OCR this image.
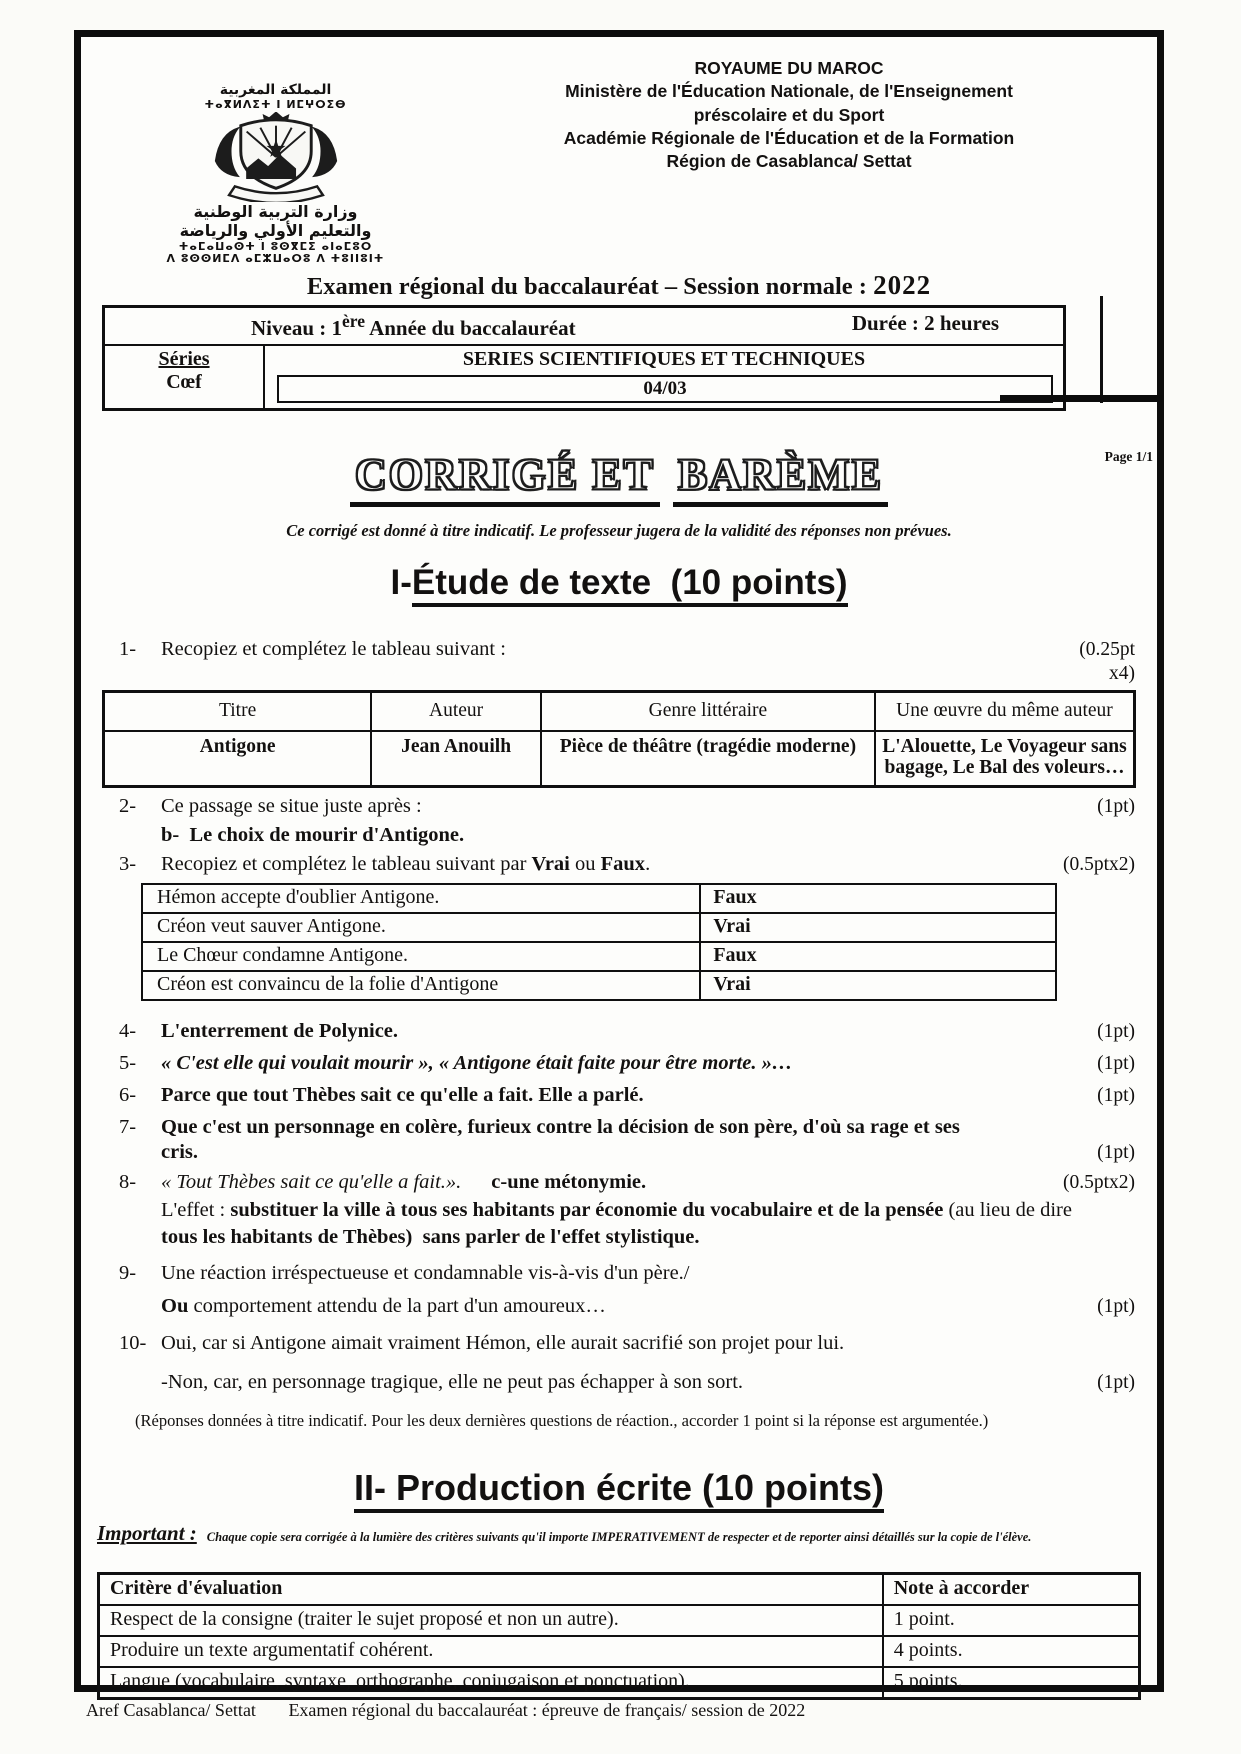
المملكة المغربية
ⵜⴰⴳⵍⴷⵉⵜ ⵏ ⵍⵎⵖⵔⵉⴱ
وزارة التربية الوطنية
والتعليم الأولي والرياضة
ⵜⴰⵎⴰⵡⴰⵙⵜ ⵏ ⵓⵙⴳⵎⵉ ⴰⵏⴰⵎⵓⵔ
ⴷ ⵓⵙⵙⵍⵎⴷ ⴰⵎⵣⵡⴰⵔⵓ ⴷ ⵜⵓⵏⵏⵓⵏⵜ
ROYAUME DU MAROC
Ministère de l'Éducation Nationale, de l'Enseignement
préscolaire et du Sport
Académie Régionale de l'Éducation et de la Formation
Région de Casablanca/ Settat
Examen régional du baccalauréat – Session normale : 2022
Niveau : 1ère Année du baccalauréat	Durée : 2 heures
Séries
Cœf
SERIES SCIENTIFIQUES ET TECHNIQUES
04/03
CORRIGÉ ET BARÈME	Page 1/1
Ce corrigé est donné à titre indicatif. Le professeur jugera de la validité des réponses non prévues.
I-Étude de texte  (10 points)
1-	Recopiez et complétez le tableau suivant :	(0.25pt x4)
Titre	Auteur	Genre littéraire	Une œuvre du même auteur
Antigone	Jean Anouilh	Pièce de théâtre (tragédie moderne)	L'Alouette, Le Voyageur sans bagage, Le Bal des voleurs…
2-	Ce passage se situe juste après :	(1pt)
b-  Le choix de mourir d'Antigone.
3-	Recopiez et complétez le tableau suivant par Vrai ou Faux.	(0.5ptx2)
Hémon accepte d'oublier Antigone.	Faux
Créon veut sauver Antigone.	Vrai
Le Chœur condamne Antigone.	Faux
Créon est convaincu de la folie d'Antigone	Vrai
4-	L'enterrement de Polynice.	(1pt)
5-	« C'est elle qui voulait mourir », « Antigone était faite pour être morte. »…	(1pt)
6-	Parce que tout Thèbes sait ce qu'elle a fait. Elle a parlé.	(1pt)
7-	Que c'est un personnage en colère, furieux contre la décision de son père, d'où sa rage et ses
cris.	(1pt)
8-	« Tout Thèbes sait ce qu'elle a fait.». c-une métonymie.	(0.5ptx2)
L'effet : substituer la ville à tous ses habitants par économie du vocabulaire et de la pensée (au lieu de dire tous les habitants de Thèbes)  sans parler de l'effet stylistique.
9-	Une réaction irréspectueuse et condamnable vis-à-vis d'un père./
Ou comportement attendu de la part d'un amoureux…	(1pt)
10- Oui, car si Antigone aimait vraiment Hémon, elle aurait sacrifié son projet pour lui.
-Non, car, en personnage tragique, elle ne peut pas échapper à son sort.	(1pt)
(Réponses données à titre indicatif. Pour les deux dernières questions de réaction., accorder 1 point si la réponse est argumentée.)
II- Production écrite (10 points)
Important : Chaque copie sera corrigée à la lumière des critères suivants qu'il importe IMPERATIVEMENT de respecter et de reporter ainsi détaillés sur la copie de l'élève.
Critère d'évaluation	Note à accorder
Respect de la consigne (traiter le sujet proposé et non un autre).	1 point.
Produire un texte argumentatif cohérent.	4 points.
Langue (vocabulaire, syntaxe, orthographe, conjugaison et ponctuation).	5 points.
Aref Casablanca/ Settat Examen régional du baccalauréat : épreuve de français/ session de 2022
